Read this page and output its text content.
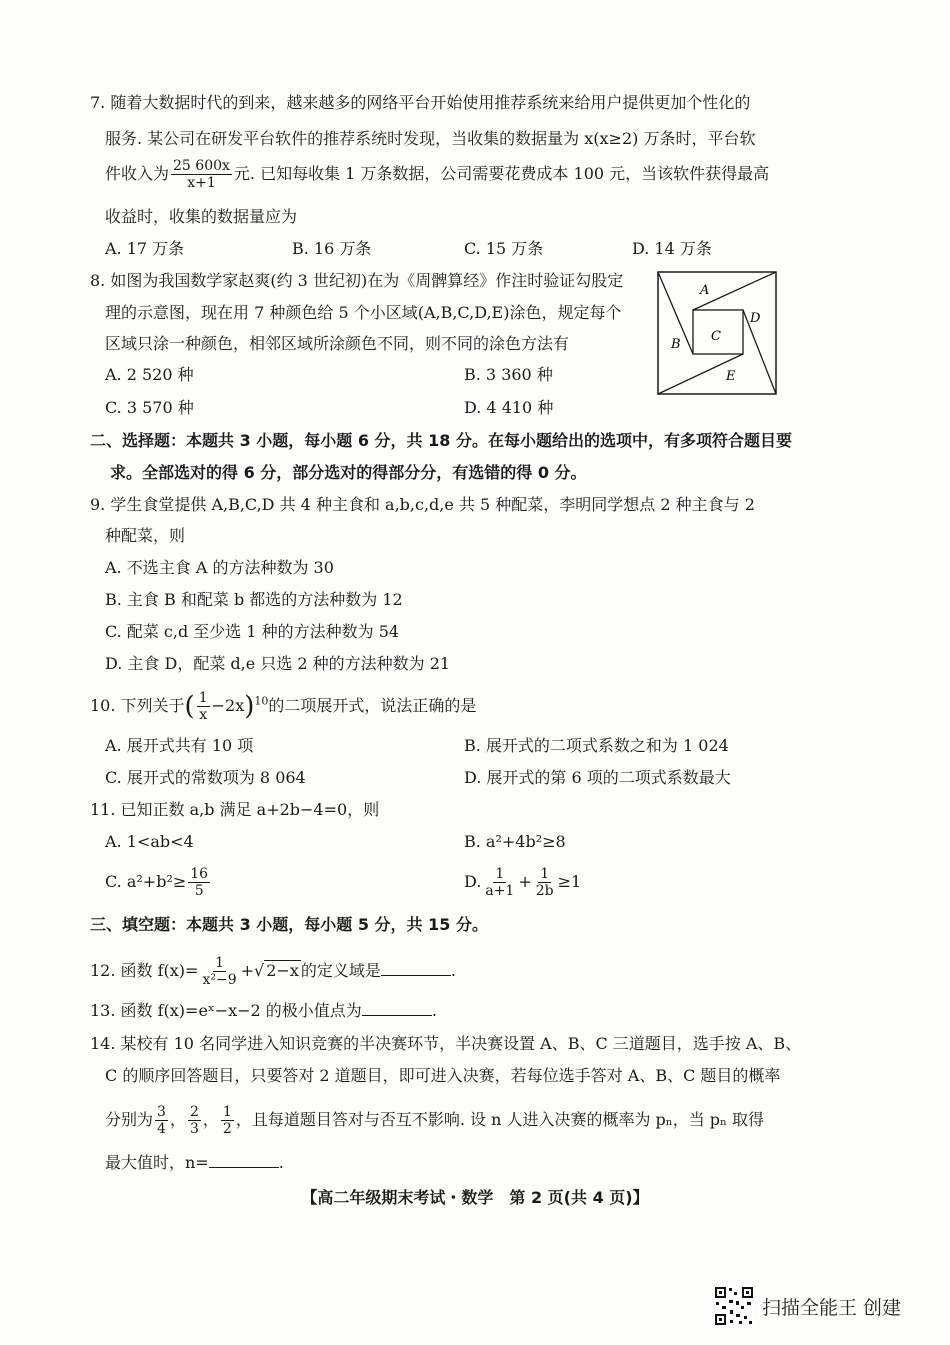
7. 随着大数据时代的到来，越来越多的网络平台开始使用推荐系统来给用户提供更加个性化的
服务. 某公司在研发平台软件的推荐系统时发现，当收集的数据量为 x(x≥2) 万条时，平台软
件收入为 $\frac{25 600x}{x+1}$ 元. 已知每收集 1 万条数据，公司需要花费成本 100 元，当该软件获得最高
收益时，收集的数据量应为
A. 17 万条	B. 16 万条	C. 15 万条	D. 14 万条
8. 如图为我国数学家赵爽(约 3 世纪初)在为《周髀算经》作注时验证勾股定
理的示意图，现在用 7 种颜色给 5 个小区域(A,B,C,D,E)涂色，规定每个
区域只涂一种颜色，相邻区域所涂颜色不同，则不同的涂色方法有
A. 2 520 种	B. 3 360 种
C. 3 570 种	D. 4 410 种
A
B
C
D
E
二、选择题：本题共 3 小题，每小题 6 分，共 18 分。在每小题给出的选项中，有多项符合题目要
求。全部选对的得 6 分，部分选对的得部分分，有选错的得 0 分。
9. 学生食堂提供 A,B,C,D 共 4 种主食和 a,b,c,d,e 共 5 种配菜，李明同学想点 2 种主食与 2
种配菜，则
A. 不选主食 A 的方法种数为 30
B. 主食 B 和配菜 b 都选的方法种数为 12
C. 配菜 c,d 至少选 1 种的方法种数为 54
D. 主食 D，配菜 d,e 只选 2 种的方法种数为 21
10. 下列关于( $\frac{1}{x} -2x)^{10}$的二项展开式，说法正确的是
A. 展开式共有 10 项	B. 展开式的二项式系数之和为 1 024
C. 展开式的常数项为 8 064	D. 展开式的第 6 项的二项式系数最大
11. 已知正数 a,b 满足 a+2b−4=0，则
A. 1<ab<4	B. a²+4b²≥8
C. $a^2+b^2\ge \frac{16}{5}$	D. $\frac{1}{a+1} + \frac{1}{2b} \ge 1$
三、填空题：本题共 3 小题，每小题 5 分，共 15 分。
12. 函数 $f(x)= \frac{1}{\text{x²−9}}$ +√ 2−x 的定义域是	.
13. 函数 f(x)=eˣ−x−2 的极小值点为	.
14. 某校有 10 名同学进入知识竞赛的半决赛环节，半决赛设置 A、B、C 三道题目，选手按 A、B、
C 的顺序回答题目，只要答对 2 道题目，即可进入决赛，若每位选手答对 A、B、C 题目的概率
分别为 $\frac{3}{4}$ ， $\frac{2}{3}$ ， $\frac{1}{2}$ ，且每道题目答对与否互不影响. 设 n 人进入决赛的概率为 pₙ，当 pₙ 取得
最大值时，n=	.
【高二年级期末考试・数学　第 2 页(共 4 页)】
扫描全能王 创建
